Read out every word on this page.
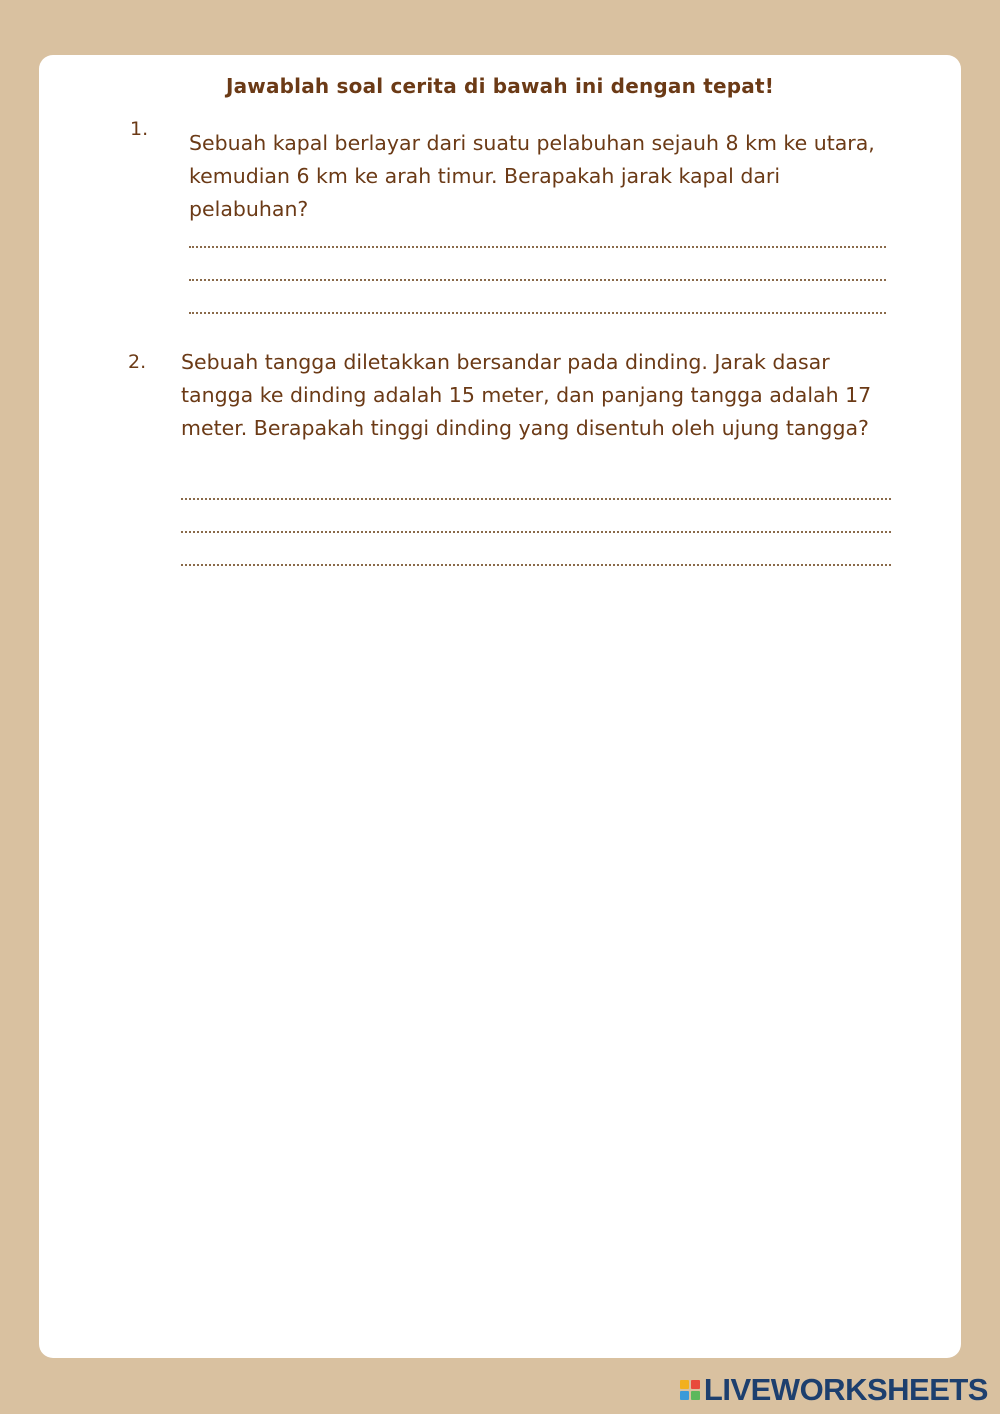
Jawablah soal cerita di bawah ini dengan tepat!
1.

Sebuah kapal berlayar dari suatu pelabuhan sejauh 8 km ke utara, kemudian 6 km ke arah timur. Berapakah jarak kapal dari pelabuhan?

2. Sebuah tangga diletakkan bersandar pada dinding. Jarak dasar tangga ke dinding adalah 15 meter, dan panjang tangga adalah 17 meter. Berapakah tinggi dinding yang disentuh oleh ujung tangga?

LIVEWORKSHEETS
